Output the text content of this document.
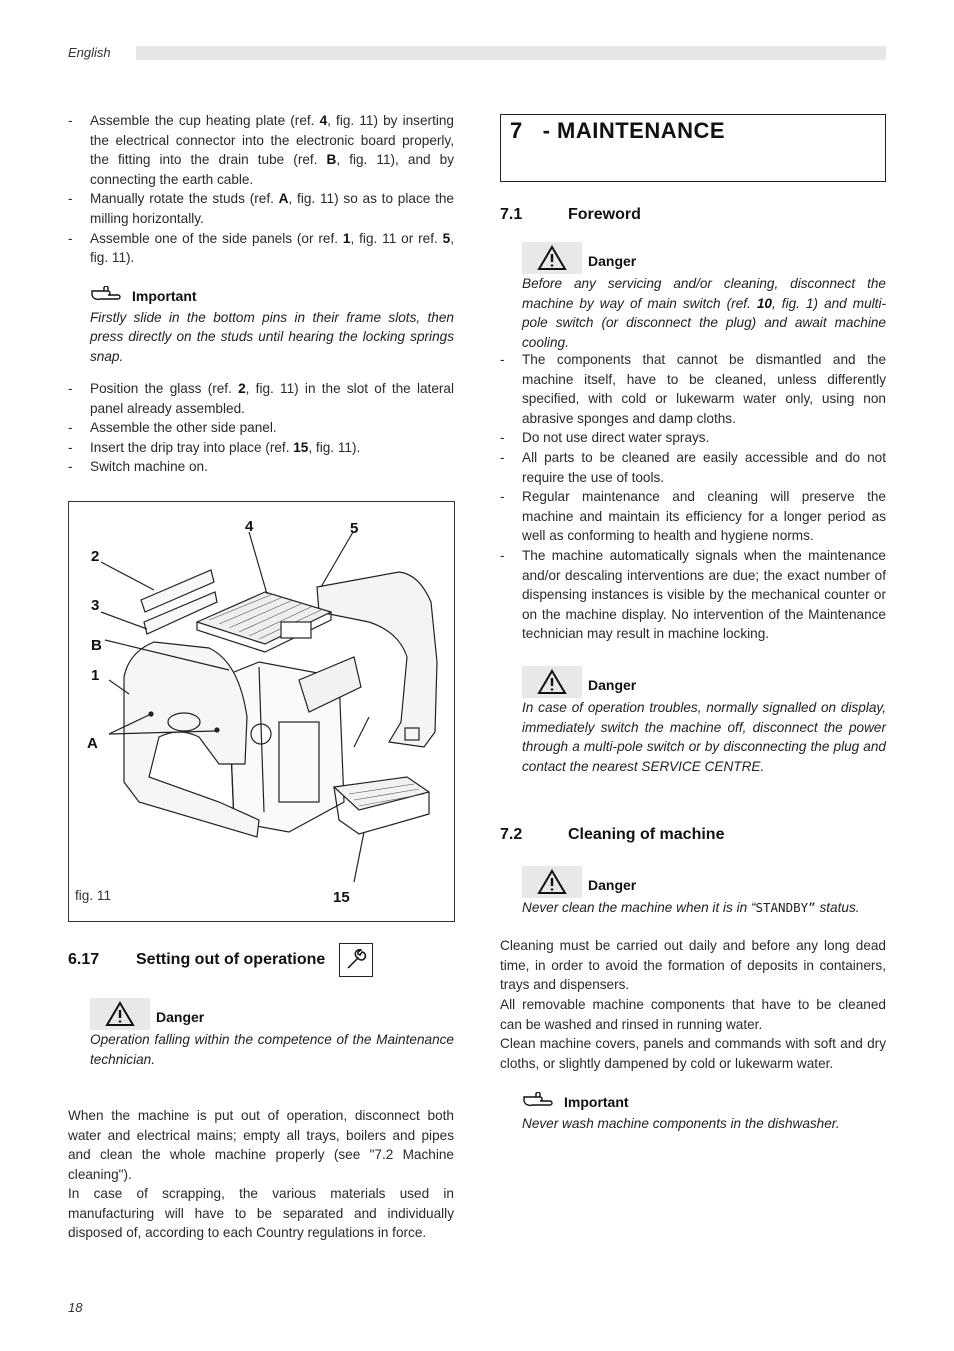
English
- Assemble the cup heating plate (ref. 4, fig. 11) by inserting the electrical connector into the electronic board properly, the fitting into the drain tube (ref. B, fig. 11), and by connecting the earth cable.
- Manually rotate the studs (ref. A, fig. 11) so as to place the milling horizontally.
- Assemble one of the side panels (or ref. 1, fig. 11 or ref. 5, fig. 11).
Important
Firstly slide in the bottom pins in their frame slots, then press directly on the studs until hearing the locking springs snap.
- Position the glass (ref. 2, fig. 11) in the slot of the lateral panel already assembled.
- Assemble the other side panel.
- Insert the drip tray into place (ref. 15, fig. 11).
- Switch machine on.
4	5
2
3
B
1
A
15
fig. 11
6.17	Setting out of operatione
Danger
Operation falling within the competence of the Maintenance technician.
When the machine is put out of operation, disconnect both water and electrical mains; empty all trays, boilers and pipes and clean the whole machine properly (see "7.2 Machine cleaning").
In case of scrapping, the various materials used in manufacturing will have to be separated and individually disposed of, according to each Country regulations in force.
7 - MAINTENANCE
7.1	Foreword
Danger
Before any servicing and/or cleaning, disconnect the machine by way of main switch (ref. 10, fig. 1) and multi-pole switch (or disconnect the plug) and await machine cooling.
- The components that cannot be dismantled and the machine itself, have to be cleaned, unless differently specified, with cold or lukewarm water only, using non abrasive sponges and damp cloths.
- Do not use direct water sprays.
- All parts to be cleaned are easily accessible and do not require the use of tools.
- Regular maintenance and cleaning will preserve the machine and maintain its efficiency for a longer period as well as conforming to health and hygiene norms.
- The machine automatically signals when the maintenance and/or descaling interventions are due; the exact number of dispensing instances is visible by the mechanical counter or on the machine display. No intervention of the Maintenance technician may result in machine locking.
Danger
In case of operation troubles, normally signalled on display, immediately switch the machine off, disconnect the power through a multi-pole switch or by disconnecting the plug and contact the nearest SERVICE CENTRE.
7.2	Cleaning of machine
Danger
Never clean the machine when it is in “STANDBY” status.
Cleaning must be carried out daily and before any long dead time, in order to avoid the formation of deposits in containers, trays and dispensers.
All removable machine components that have to be cleaned can be washed and rinsed in running water.
Clean machine covers, panels and commands with soft and dry cloths, or slightly dampened by cold or lukewarm water.
Important
Never wash machine components in the dishwasher.
18
